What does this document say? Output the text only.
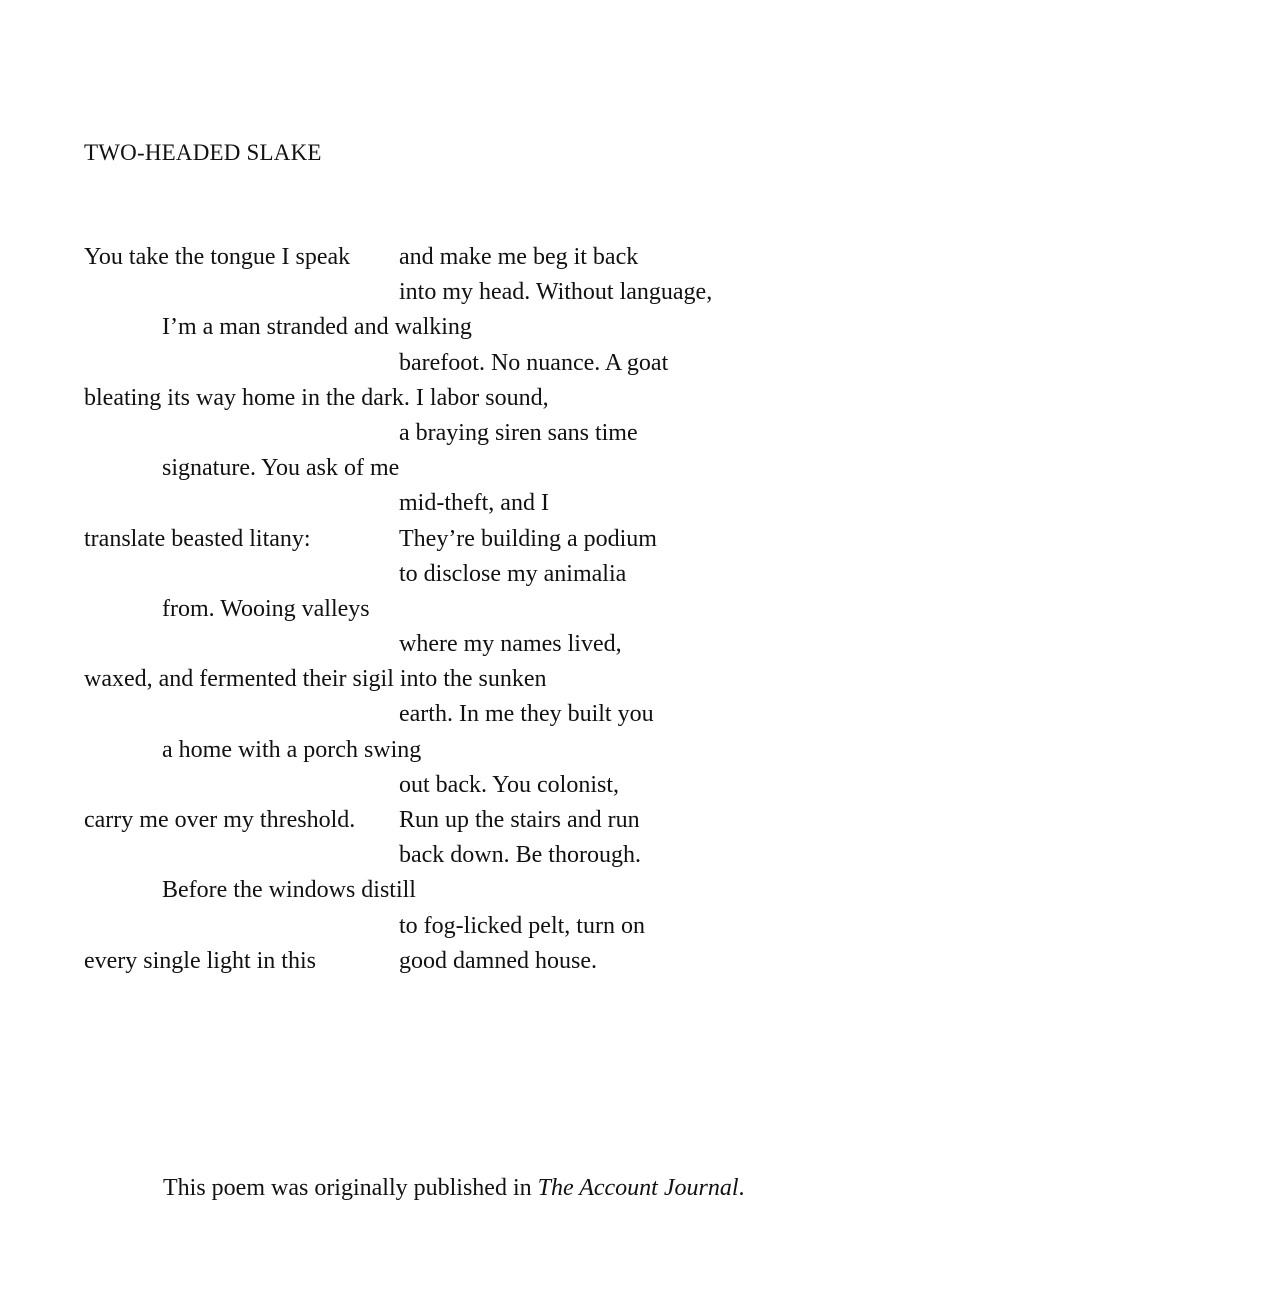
TWO-HEADED SLAKE
You take the tongue I speak and make me beg it back
into my head. Without language,
I’m a man stranded and walking
barefoot. No nuance. A goat
bleating its way home in the dark. I labor sound,
a braying siren sans time
signature. You ask of me
mid-theft, and I
translate beasted litany:	They’re building a podium
to disclose my animalia
from. Wooing valleys
where my names lived,
waxed, and fermented their sigil into the sunken
earth. In me they built you
a home with a porch swing
out back. You colonist,
carry me over my threshold. Run up the stairs and run
back down. Be thorough.
Before the windows distill
to fog-licked pelt, turn on
every single light in this	good damned house.
This poem was originally published in The Account Journal.
